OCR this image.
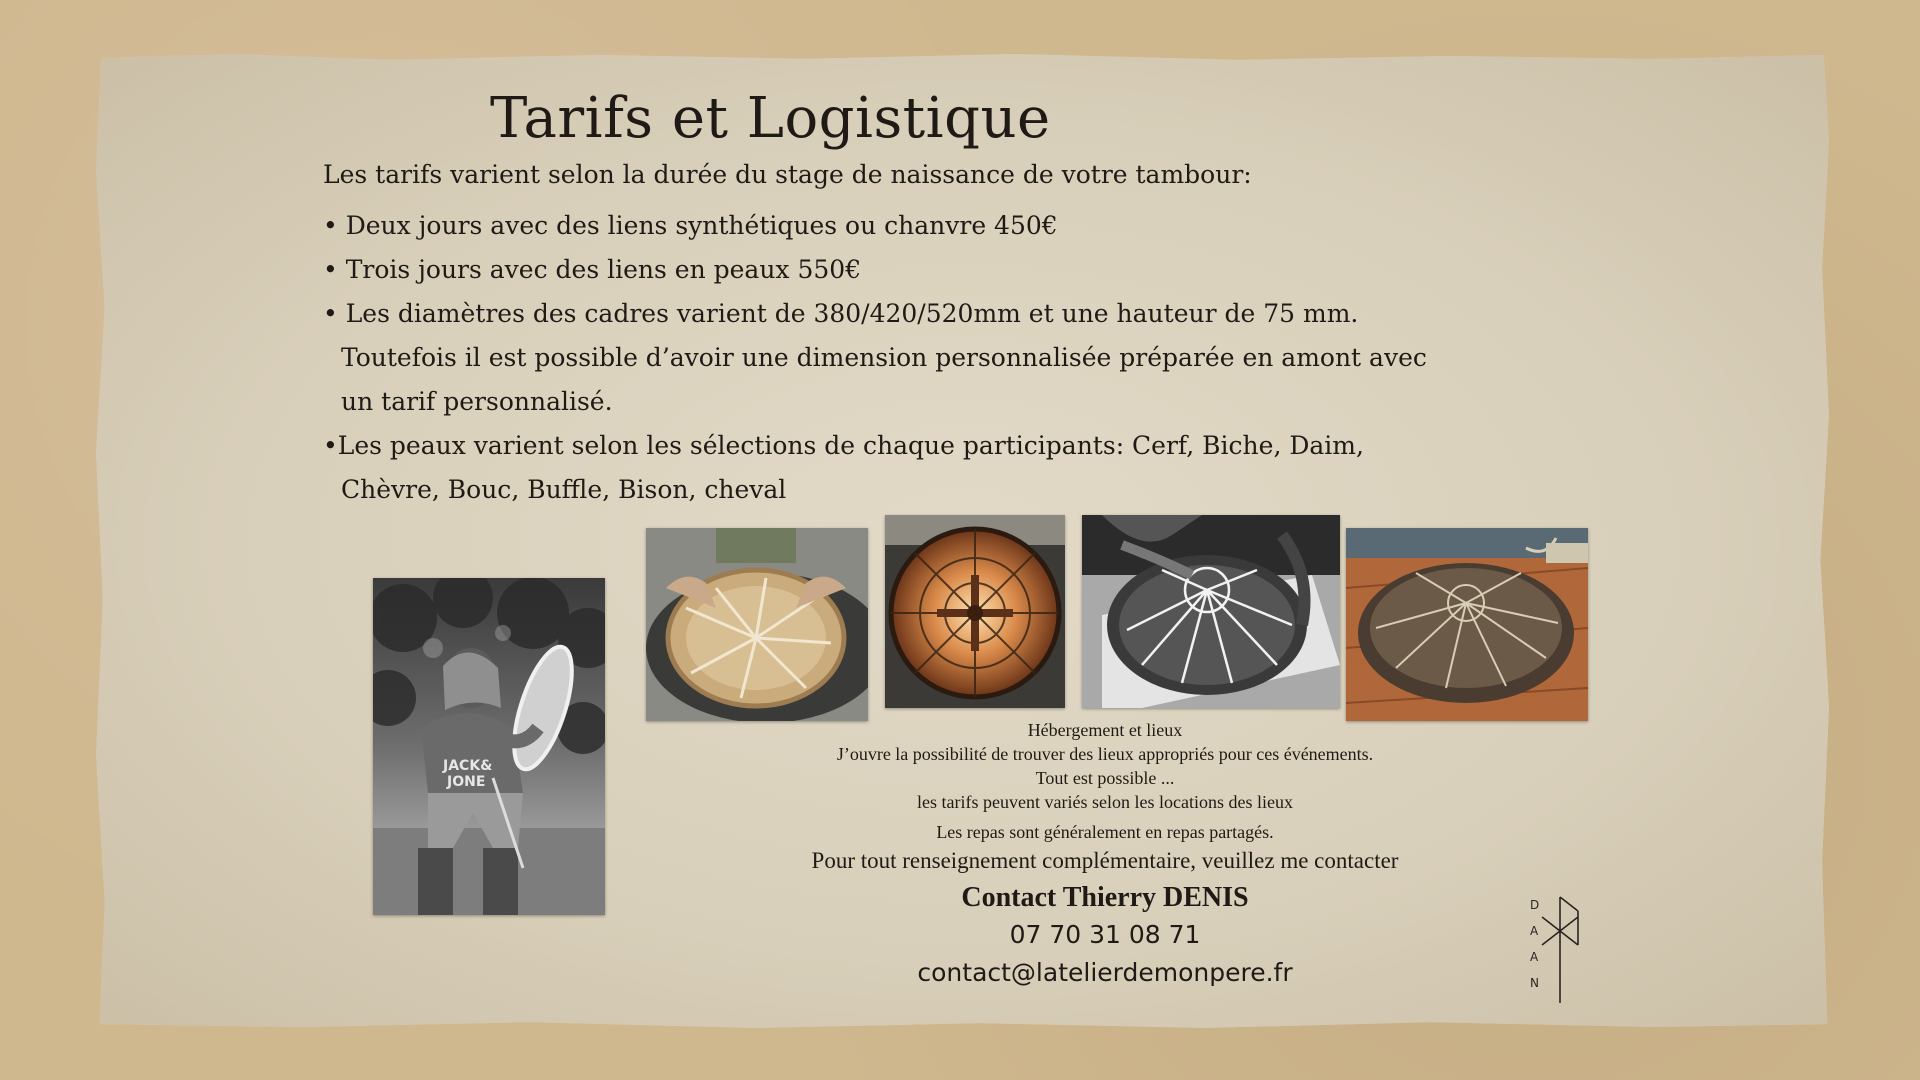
Tarifs et Logistique

Les tarifs varient selon la durée du stage de naissance de votre tambour:

• Deux jours avec des liens synthétiques ou chanvre 450€
• Trois jours avec des liens en peaux 550€
• Les diamètres des cadres varient de 380/420/520mm et une hauteur de 75 mm.
Toutefois il est possible d’avoir une dimension personnalisée préparée en amont avec
un tarif personnalisé.
•Les peaux varient selon les sélections de chaque participants: Cerf, Biche, Daim,
Chèvre, Bouc, Buffle, Bison, cheval
JACK&
JONE

Hébergement et lieux

J’ouvre la possibilité de trouver des lieux appropriés pour ces événements.

Tout est possible ...

les tarifs peuvent variés selon les locations des lieux

Les repas sont généralement en repas partagés.

Pour tout renseignement complémentaire, veuillez me contacter

Contact Thierry DENIS

07 70 31 08 71

contact@latelierdemonpere.fr

D
A
A
N
